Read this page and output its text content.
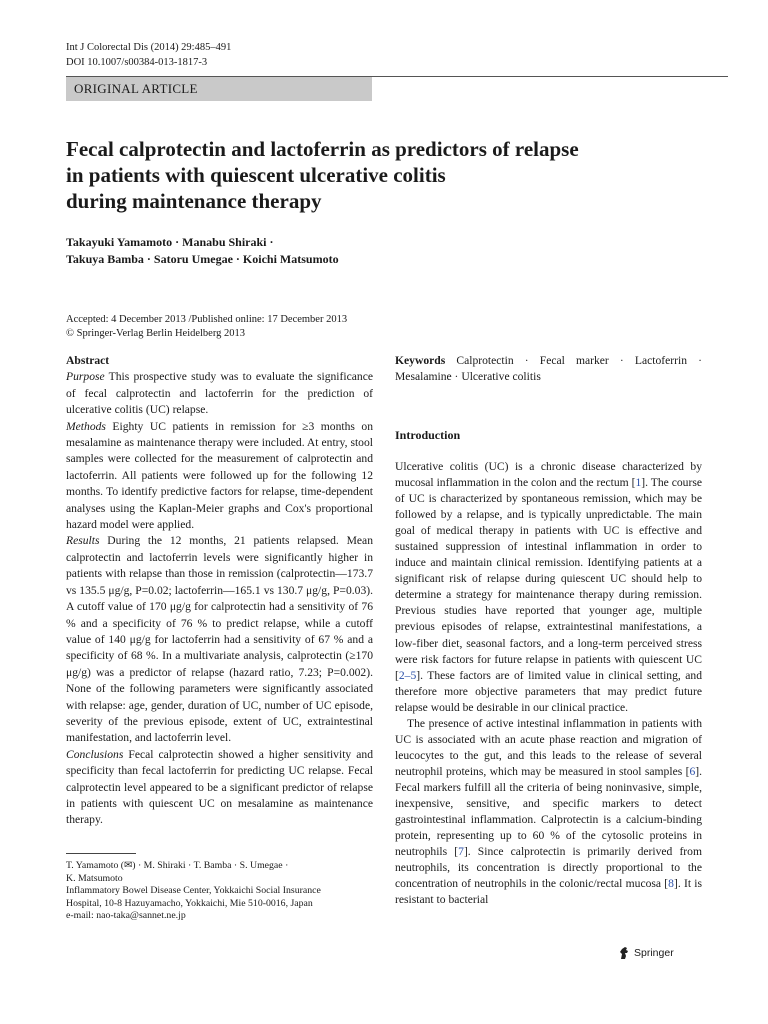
Int J Colorectal Dis (2014) 29:485–491
DOI 10.1007/s00384-013-1817-3
ORIGINAL ARTICLE
Fecal calprotectin and lactoferrin as predictors of relapse
in patients with quiescent ulcerative colitis
during maintenance therapy
Takayuki Yamamoto · Manabu Shiraki ·
Takuya Bamba · Satoru Umegae · Koichi Matsumoto
Accepted: 4 December 2013 /Published online: 17 December 2013
© Springer-Verlag Berlin Heidelberg 2013
Abstract
Purpose This prospective study was to evaluate the significance of fecal calprotectin and lactoferrin for the prediction of ulcerative colitis (UC) relapse.
Methods Eighty UC patients in remission for ≥3 months on mesalamine as maintenance therapy were included. At entry, stool samples were collected for the measurement of calprotectin and lactoferrin. All patients were followed up for the following 12 months. To identify predictive factors for relapse, time-dependent analyses using the Kaplan-Meier graphs and Cox's proportional hazard model were applied.
Results During the 12 months, 21 patients relapsed. Mean calprotectin and lactoferrin levels were significantly higher in patients with relapse than those in remission (calprotectin—173.7 vs 135.5 μg/g, P=0.02; lactoferrin—165.1 vs 130.7 μg/g, P=0.03). A cutoff value of 170 μg/g for calprotectin had a sensitivity of 76 % and a specificity of 76 % to predict relapse, while a cutoff value of 140 μg/g for lactoferrin had a sensitivity of 67 % and a specificity of 68 %. In a multivariate analysis, calprotectin (≥170 μg/g) was a predictor of relapse (hazard ratio, 7.23; P=0.002). None of the following parameters were significantly associated with relapse: age, gender, duration of UC, number of UC episode, severity of the previous episode, extent of UC, extraintestinal manifestation, and lactoferrin level.
Conclusions Fecal calprotectin showed a higher sensitivity and specificity than fecal lactoferrin for predicting UC relapse. Fecal calprotectin level appeared to be a significant predictor of relapse in patients with quiescent UC on mesalamine as maintenance therapy.
Keywords Calprotectin · Fecal marker · Lactoferrin · Mesalamine · Ulcerative colitis
Introduction

Ulcerative colitis (UC) is a chronic disease characterized by mucosal inflammation in the colon and the rectum [1]. The course of UC is characterized by spontaneous remission, which may be followed by a relapse, and is typically unpredictable. The main goal of medical therapy in patients with UC is effective and sustained suppression of intestinal inflammation in order to induce and maintain clinical remission. Identifying patients at a significant risk of relapse during quiescent UC should help to determine a strategy for maintenance therapy during remission. Previous studies have reported that younger age, multiple previous episodes of relapse, extraintestinal manifestations, a low-fiber diet, seasonal factors, and a long-term perceived stress were risk factors for future relapse in patients with quiescent UC [2–5]. These factors are of limited value in clinical setting, and therefore more objective parameters that may predict future relapse would be desirable in our clinical practice.

The presence of active intestinal inflammation in patients with UC is associated with an acute phase reaction and migration of leucocytes to the gut, and this leads to the release of several neutrophil proteins, which may be measured in stool samples [6]. Fecal markers fulfill all the criteria of being noninvasive, simple, inexpensive, sensitive, and specific markers to detect gastrointestinal inflammation. Calprotectin is a calcium-binding protein, representing up to 60 % of the cytosolic proteins in neutrophils [7]. Since calprotectin is primarily derived from neutrophils, its concentration is directly proportional to the concentration of neutrophils in the colonic/rectal mucosa [8]. It is resistant to bacterial

T. Yamamoto (✉) · M. Shiraki · T. Bamba · S. Umegae ·
K. Matsumoto
Inflammatory Bowel Disease Center, Yokkaichi Social Insurance
Hospital, 10-8 Hazuyamacho, Yokkaichi, Mie 510-0016, Japan
e-mail: nao-taka@sannet.ne.jp
Springer
